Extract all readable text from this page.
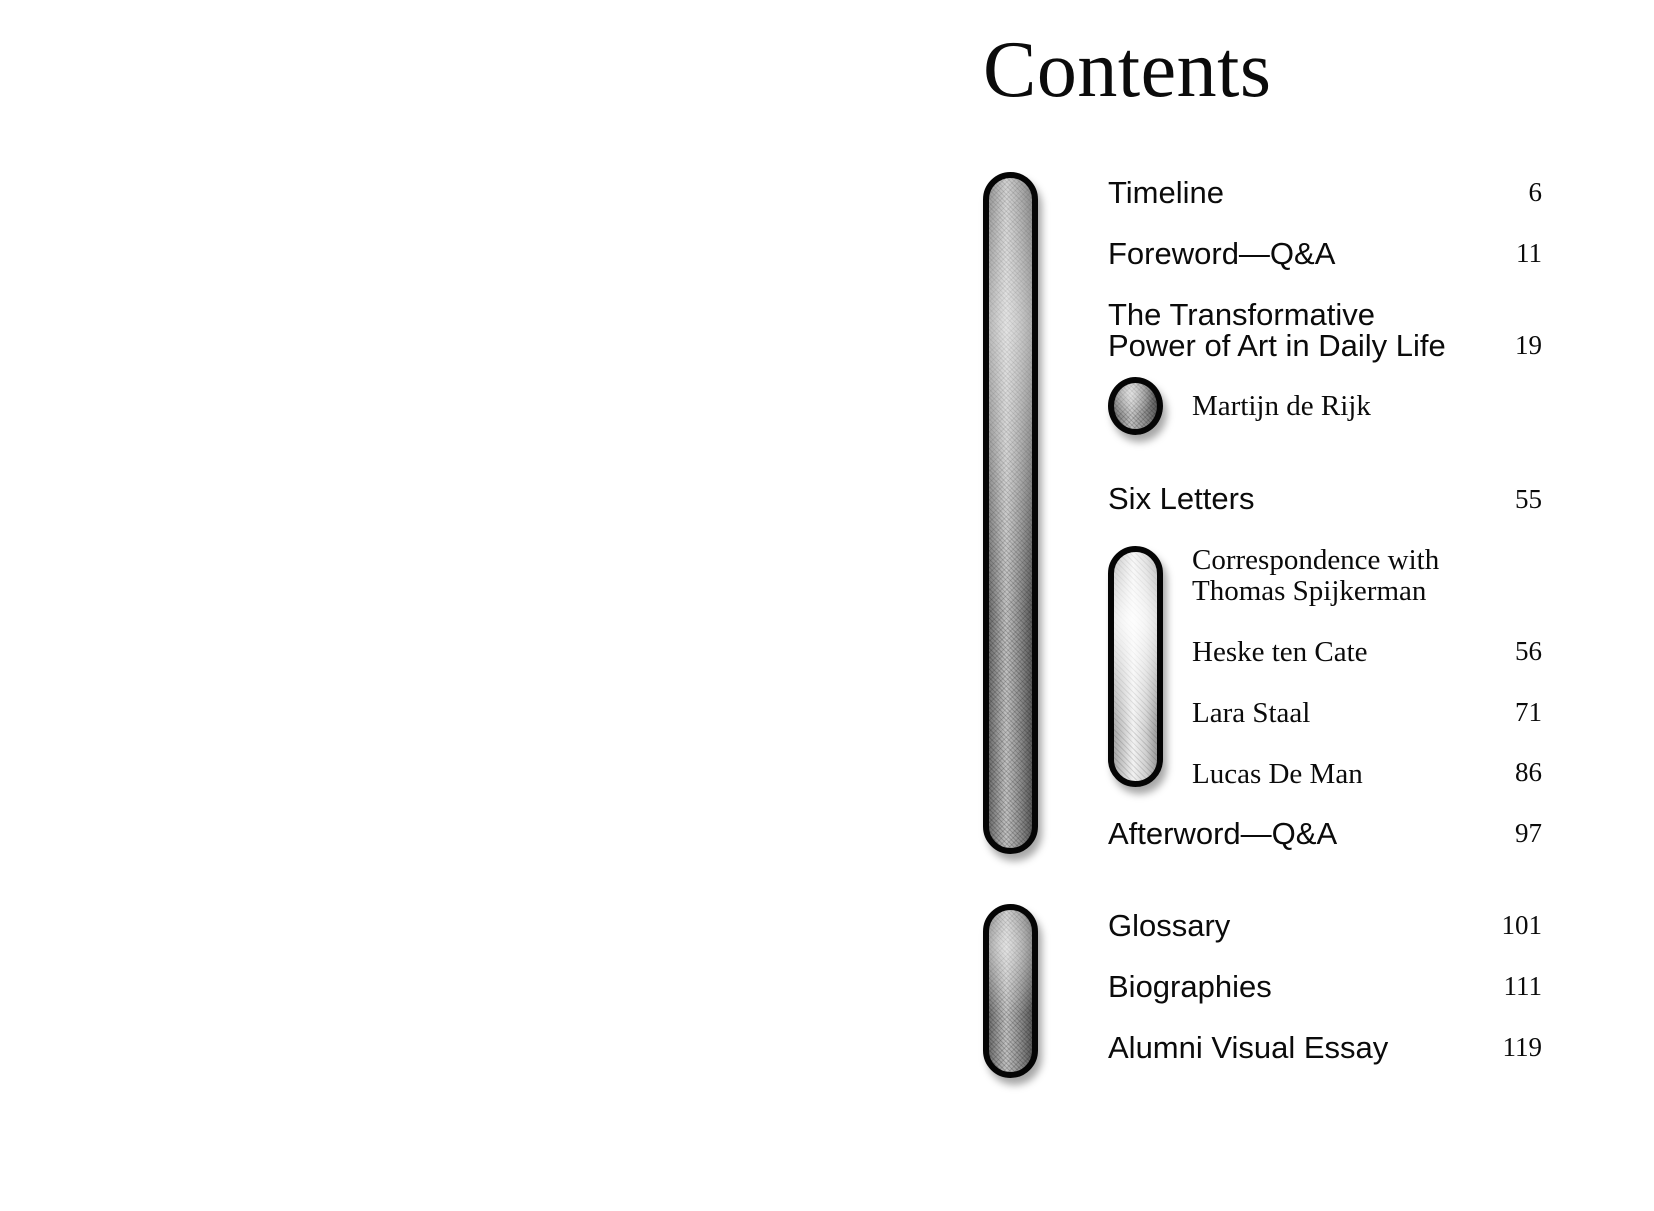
Contents
Timeline	6
Foreword—Q&A	11
The Transformative
Power of Art in Daily Life	19
Martijn de Rijk
Six Letters	55
Correspondence with
Thomas Spijkerman
Heske ten Cate	56
Lara Staal	71
Lucas De Man	86
Afterword—Q&A	97
Glossary	101
Biographies	111
Alumni Visual Essay	119
